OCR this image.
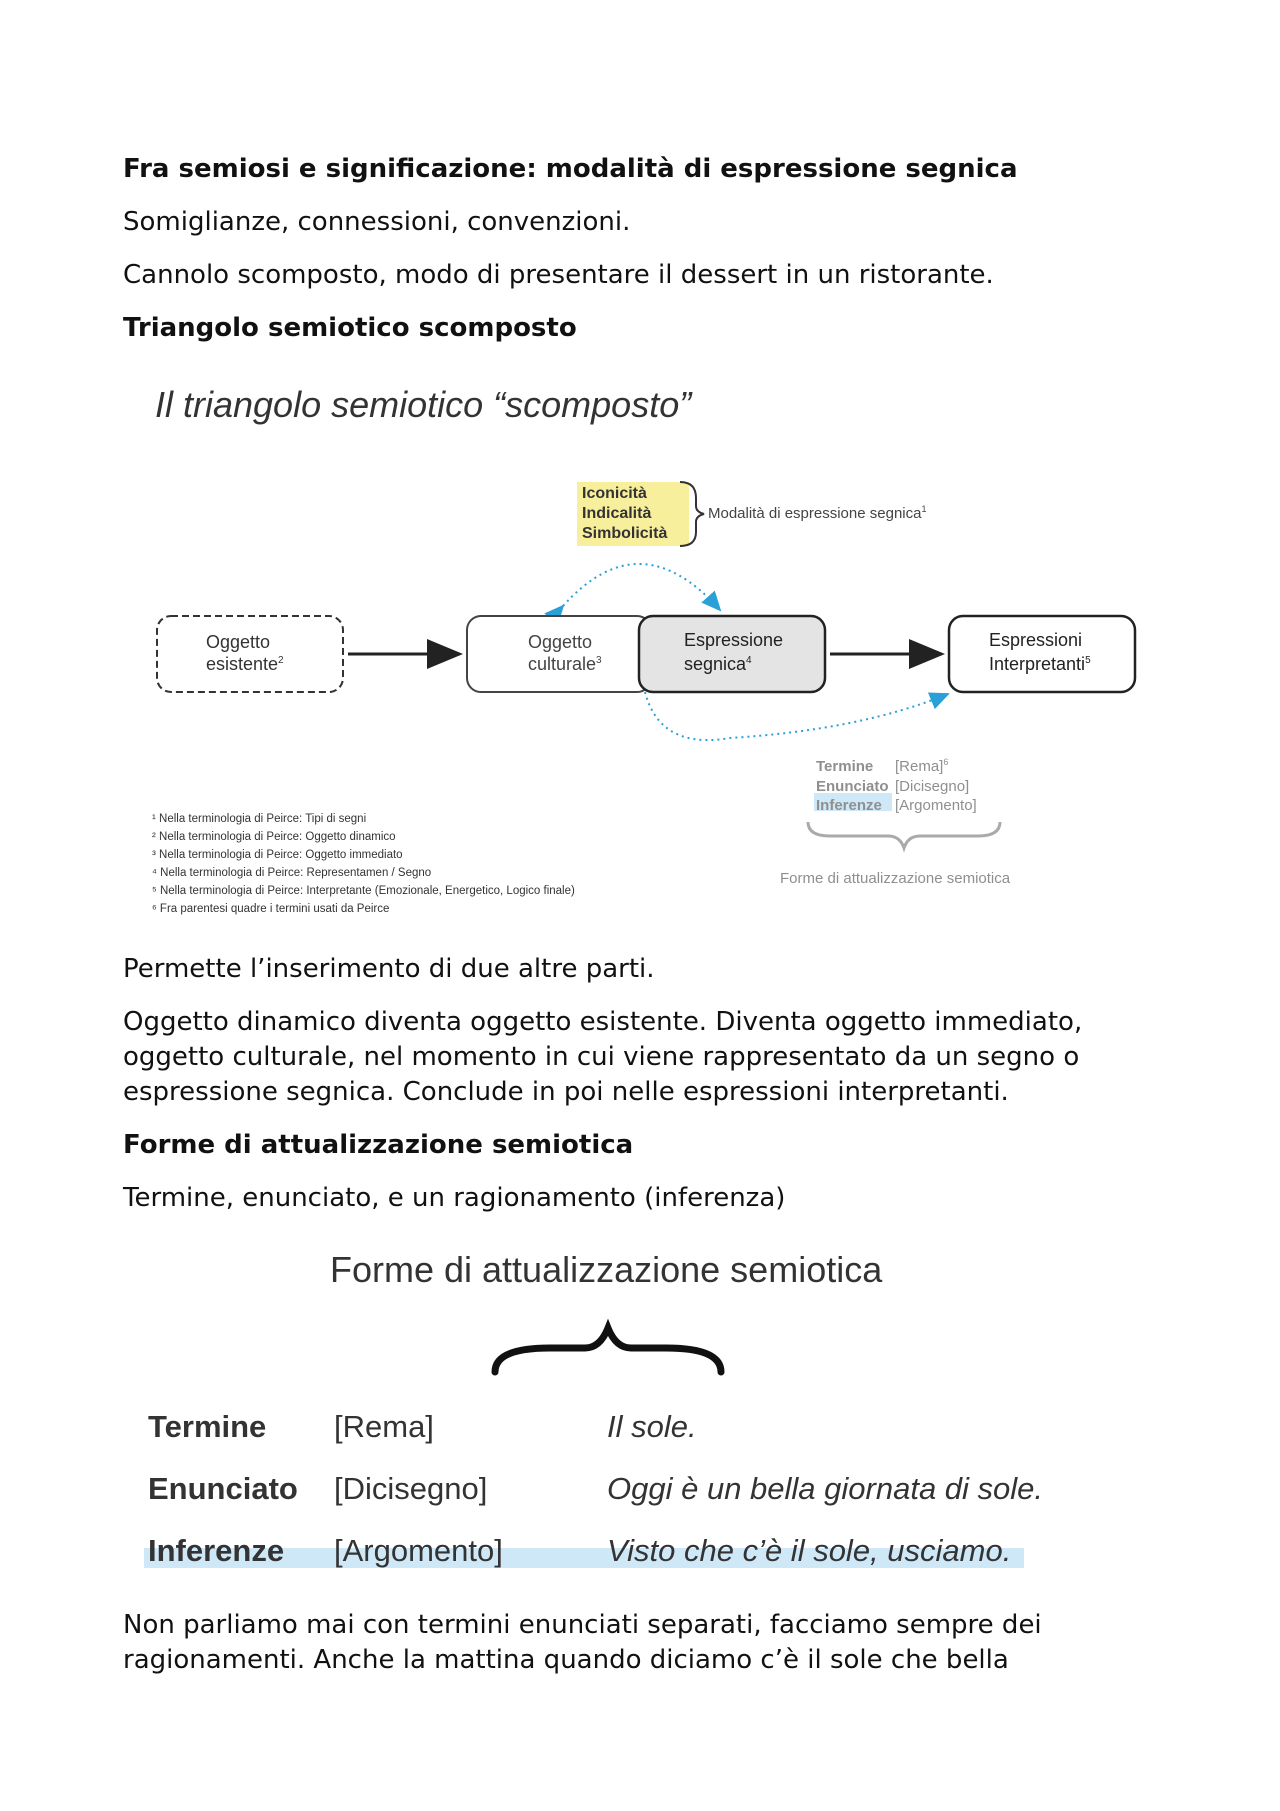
Fra semiosi e significazione: modalità di espressione segnica

Somiglianze, connessioni, convenzioni.

Cannolo scomposto, modo di presentare il dessert in un ristorante.

Triangolo semiotico scomposto

Il triangolo semiotico “scomposto”
Iconicità
Indicalità
Simbolicità
Modalità di espressione segnica$^1$
Oggetto
esistente$^2$
Oggetto
culturale$^3$
Espressione
segnica$^4$
Espressioni
Interpretanti$^5$
Termine [Rema]$^6$
Enunciato [Dicisegno]
Inferenze [Argomento]
Forme di attualizzazione semiotica
¹ Nella terminologia di Peirce: Tipi di segni
² Nella terminologia di Peirce: Oggetto dinamico
³ Nella terminologia di Peirce: Oggetto immediato
⁴ Nella terminologia di Peirce: Representamen / Segno
⁵ Nella terminologia di Peirce: Interpretante (Emozionale, Energetico, Logico finale)
⁶ Fra parentesi quadre i termini usati da Peirce

Permette l’inserimento di due altre parti.

Oggetto dinamico diventa oggetto esistente. Diventa oggetto immediato, oggetto culturale, nel momento in cui viene rappresentato da un segno o espressione segnica. Conclude in poi nelle espressioni interpretanti.

Forme di attualizzazione semiotica

Termine, enunciato, e un ragionamento (inferenza)

Forme di attualizzazione semiotica
Termine [Rema]	Il sole.
Enunciato [Dicisegno]	Oggi è un bella giornata di sole.
Inferenze [Argomento]	Visto che c’è il sole, usciamo.

Non parliamo mai con termini enunciati separati, facciamo sempre dei ragionamenti. Anche la mattina quando diciamo c’è il sole che bella
